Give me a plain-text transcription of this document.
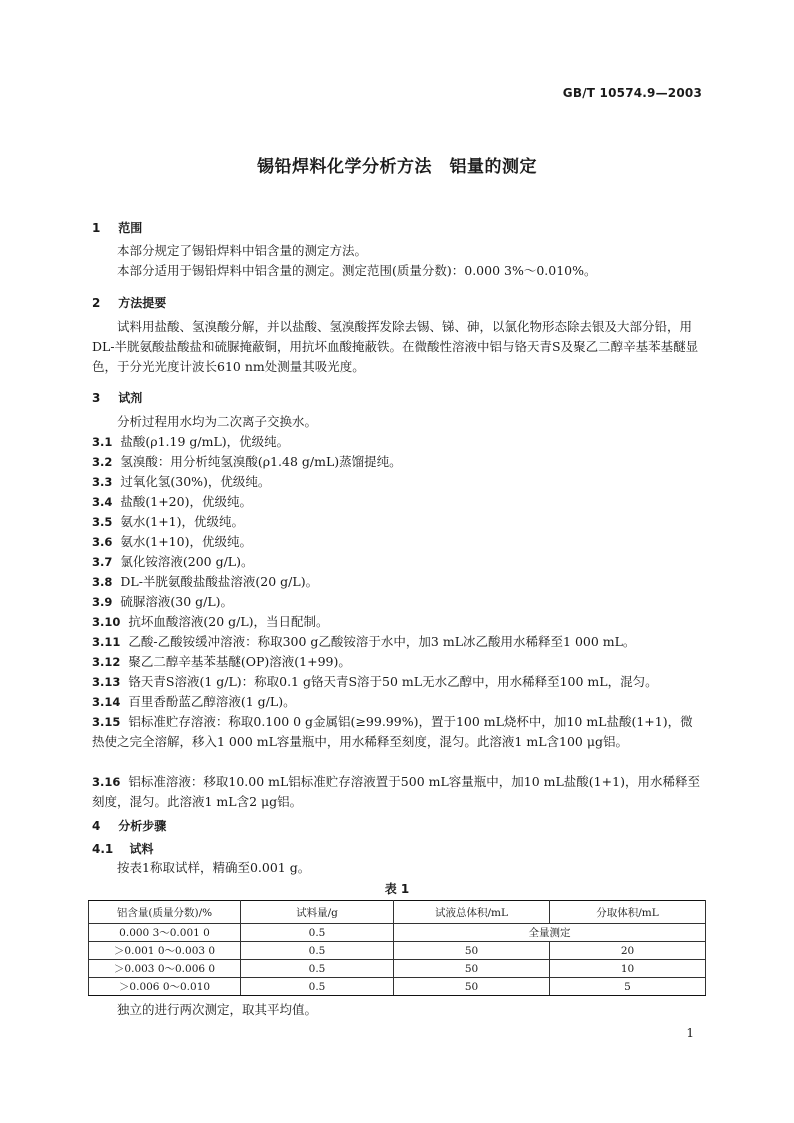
GB/T 10574.9—2003
锡铅焊料化学分析方法　铝量的测定
1 范围
本部分规定了锡铅焊料中铝含量的测定方法。
本部分适用于锡铅焊料中铝含量的测定。测定范围(质量分数)：0.000 3%～0.010%。
2 方法提要
试料用盐酸、氢溴酸分解，并以盐酸、氢溴酸挥发除去锡、锑、砷，以氯化物形态除去银及大部分铅，用DL-半胱氨酸盐酸盐和硫脲掩蔽铜，用抗坏血酸掩蔽铁。在微酸性溶液中铝与铬天青S及聚乙二醇辛基苯基醚显色，于分光光度计波长610 nm处测量其吸光度。
3 试剂
分析过程用水均为二次离子交换水。
3.1 盐酸(ρ1.19 g/mL)，优级纯。
3.2 氢溴酸：用分析纯氢溴酸(ρ1.48 g/mL)蒸馏提纯。
3.3 过氧化氢(30%)，优级纯。
3.4 盐酸(1+20)，优级纯。
3.5 氨水(1+1)，优级纯。
3.6 氨水(1+10)，优级纯。
3.7 氯化铵溶液(200 g/L)。
3.8 DL-半胱氨酸盐酸盐溶液(20 g/L)。
3.9 硫脲溶液(30 g/L)。
3.10 抗坏血酸溶液(20 g/L)，当日配制。
3.11 乙酸-乙酸铵缓冲溶液：称取300 g乙酸铵溶于水中，加3 mL冰乙酸用水稀释至1 000 mL。
3.12 聚乙二醇辛基苯基醚(OP)溶液(1+99)。
3.13 铬天青S溶液(1 g/L)：称取0.1 g铬天青S溶于50 mL无水乙醇中，用水稀释至100 mL，混匀。
3.14 百里香酚蓝乙醇溶液(1 g/L)。
3.15 铝标准贮存溶液：称取0.100 0 g金属铝(≥99.99%)，置于100 mL烧杯中，加10 mL盐酸(1+1)，微热使之完全溶解，移入1 000 mL容量瓶中，用水稀释至刻度，混匀。此溶液1 mL含100 μg铝。
3.16 铝标准溶液：移取10.00 mL铝标准贮存溶液置于500 mL容量瓶中，加10 mL盐酸(1+1)，用水稀释至刻度，混匀。此溶液1 mL含2 μg铝。
4 分析步骤
4.1 试料
按表1称取试样，精确至0.001 g。
表 1
铝含量(质量分数)/%	试料量/g	试液总体积/mL	分取体积/mL
0.000 3～0.001 0	0.5	全量测定	
＞0.001 0～0.003 0	0.5	50	20
＞0.003 0～0.006 0	0.5	50	10
＞0.006 0～0.010	0.5	50	5
独立的进行两次测定，取其平均值。
1
